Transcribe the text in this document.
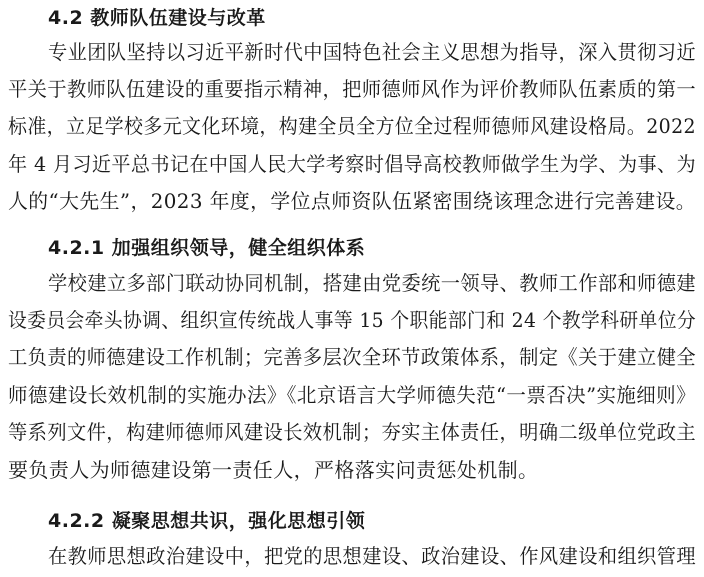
4.2 教师队伍建设与改革
专业团队坚持以习近平新时代中国特色社会主义思想为指导，深入贯彻习近
平关于教师队伍建设的重要指示精神，把师德师风作为评价教师队伍素质的第一
标准，立足学校多元文化环境，构建全员全方位全过程师德师风建设格局。2022
年 4 月习近平总书记在中国人民大学考察时倡导高校教师做学生为学、为事、为
人的“大先生”，2023 年度，学位点师资队伍紧密围绕该理念进行完善建设。
4.2.1 加强组织领导，健全组织体系
学校建立多部门联动协同机制，搭建由党委统一领导、教师工作部和师德建
设委员会牵头协调、组织宣传统战人事等 15 个职能部门和 24 个教学科研单位分
工负责的师德建设工作机制；完善多层次全环节政策体系，制定《关于建立健全
师德建设长效机制的实施办法》《北京语言大学师德失范“一票否决”实施细则》
等系列文件，构建师德师风建设长效机制；夯实主体责任，明确二级单位党政主
要负责人为师德建设第一责任人，严格落实问责惩处机制。
4.2.2 凝聚思想共识，强化思想引领
在教师思想政治建设中，把党的思想建设、政治建设、作风建设和组织管理
